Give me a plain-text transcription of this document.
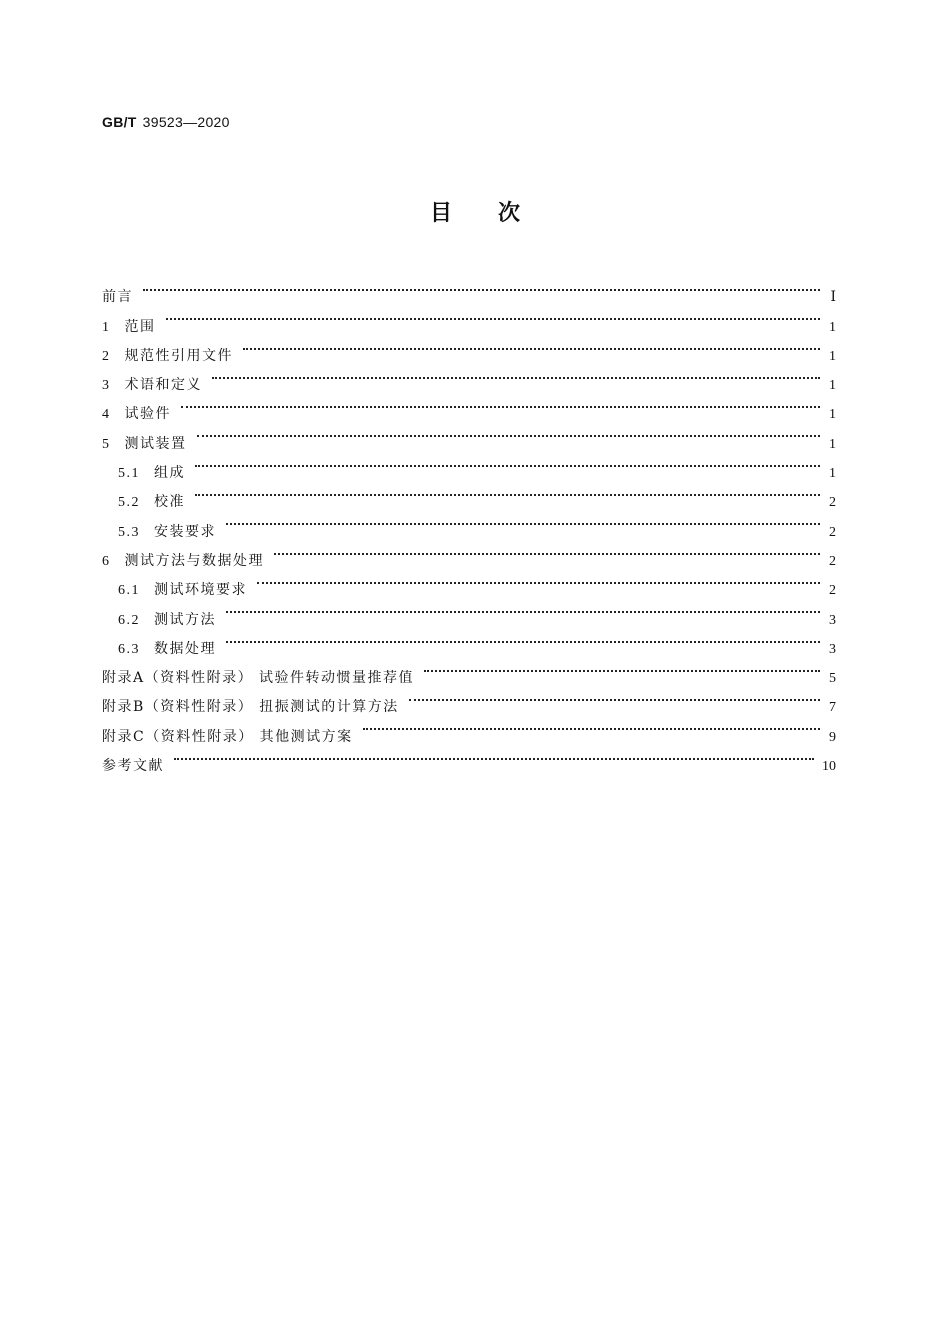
GB/T 39523—2020
目次
前言	Ⅰ
1 范围	1
2 规范性引用文件	1
3 术语和定义	1
4 试验件	1
5 测试装置	1
5.1 组成	1
5.2 校准	2
5.3 安装要求	2
6 测试方法与数据处理	2
6.1 测试环境要求	2
6.2 测试方法	3
6.3 数据处理	3
附录A（资料性附录） 试验件转动惯量推荐值	5
附录B（资料性附录） 扭振测试的计算方法	7
附录C（资料性附录） 其他测试方案	9
参考文献	10
